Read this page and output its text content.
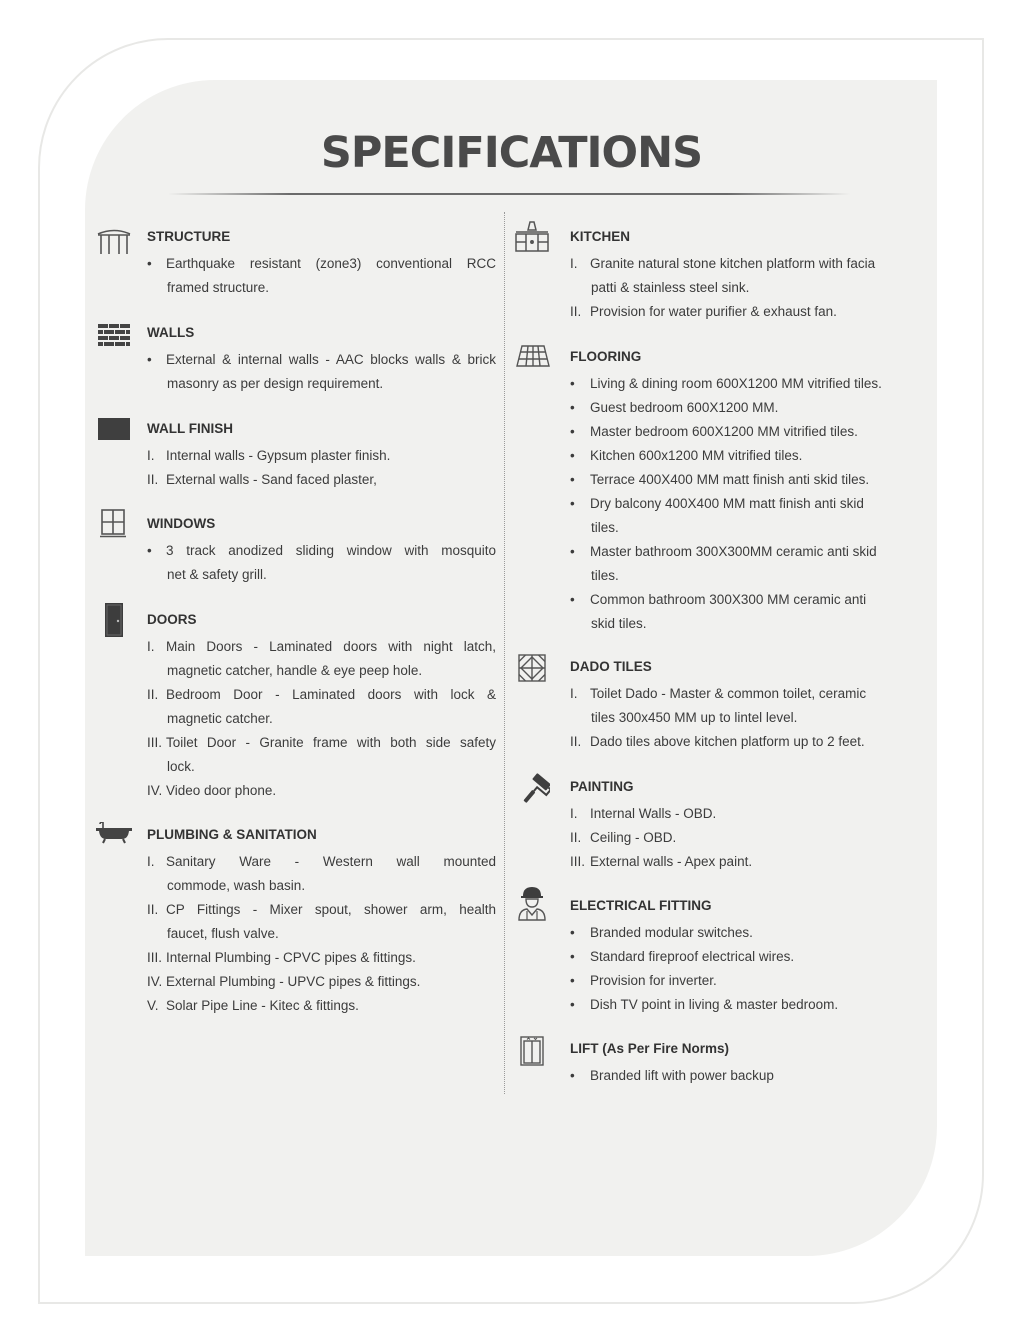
SPECIFICATIONS
STRUCTURE
• Earthquake resistant (zone3) conventional RCC
framed structure.
WALLS
• External & internal walls - AAC blocks walls & brick
masonry as per design requirement.
WALL FINISH
I. Internal walls - Gypsum plaster finish.
II. External walls - Sand faced plaster,
WINDOWS
• 3 track anodized sliding window with mosquito
net & safety grill.
DOORS
I. Main Doors - Laminated doors with night latch,
magnetic catcher, handle & eye peep hole.
II. Bedroom Door - Laminated doors with lock &
magnetic catcher.
III. Toilet Door - Granite frame with both side safety
lock.
IV. Video door phone.
PLUMBING & SANITATION
I. Sanitary Ware - Western wall mounted
commode, wash basin.
II. CP Fittings - Mixer spout, shower arm, health
faucet, flush valve.
III. Internal Plumbing - CPVC pipes & fittings.
IV. External Plumbing - UPVC pipes & fittings.
V. Solar Pipe Line - Kitec & fittings.
KITCHEN
I. Granite natural stone kitchen platform with facia
patti & stainless steel sink.
II. Provision for water purifier & exhaust fan.
FLOORING
• Living & dining room 600X1200 MM vitrified tiles.
• Guest bedroom 600X1200 MM.
• Master bedroom 600X1200 MM vitrified tiles.
• Kitchen 600x1200 MM vitrified tiles.
• Terrace 400X400 MM matt finish anti skid tiles.
• Dry balcony 400X400 MM matt finish anti skid
tiles.
• Master bathroom 300X300MM ceramic anti skid
tiles.
• Common bathroom 300X300 MM ceramic anti
skid tiles.
DADO TILES
I. Toilet Dado - Master & common toilet, ceramic
tiles 300x450 MM up to lintel level.
II. Dado tiles above kitchen platform up to 2 feet.
PAINTING
I. Internal Walls - OBD.
II. Ceiling - OBD.
III. External walls - Apex paint.
ELECTRICAL FITTING
• Branded modular switches.
• Standard fireproof electrical wires.
• Provision for inverter.
• Dish TV point in living & master bedroom.
LIFT (As Per Fire Norms)
• Branded lift with power backup
